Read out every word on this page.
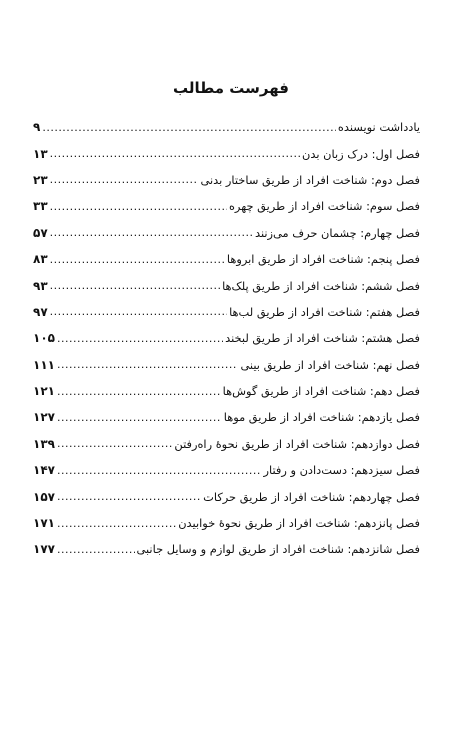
فهرست مطالب
یادداشت نویسنده
.....
۹
فصل اول: درک زبان بدن
.....
۱۳
فصل دوم: شناخت افراد از طریق ساختار بدنی
.....
۲۳
فصل سوم: شناخت افراد از طریق چهره
.....
۳۳
فصل چهارم: چشمان حرف می‌زنند
.....
۵۷
فصل پنجم: شناخت افراد از طریق ابروها
.....
۸۳
فصل ششم: شناخت افراد از طریق پلک‌ها
.....
۹۳
فصل هفتم: شناخت افراد از طریق لب‌ها
.....
۹۷
فصل هشتم: شناخت افراد از طریق لبخند
.....
۱۰۵
فصل نهم: شناخت افراد از طریق بینی
.....
۱۱۱
فصل دهم: شناخت افراد از طریق گوش‌ها
.....
۱۲۱
فصل یازدهم: شناخت افراد از طریق موها
.....
۱۲۷
فصل دوازدهم: شناخت افراد از طریق نحوهٔ راه‌رفتن
.....
۱۳۹
فصل سیزدهم: دست‌دادن و رفتار
.....
۱۴۷
فصل چهاردهم: شناخت افراد از طریق حرکات
.....
۱۵۷
فصل پانزدهم: شناخت افراد از طریق نحوهٔ خوابیدن
.....
۱۷۱
فصل شانزدهم: شناخت افراد از طریق لوازم و وسایل جانبی
.....
۱۷۷
